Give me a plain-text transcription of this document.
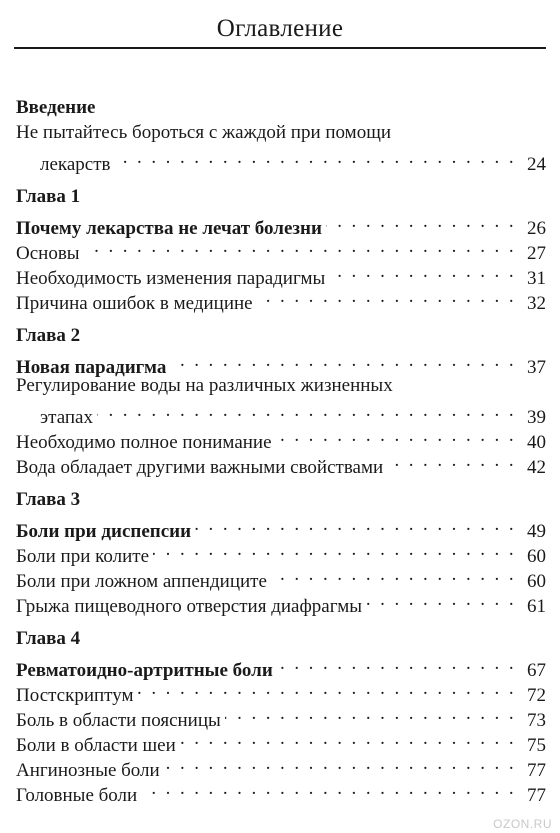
Оглавление
Введение
Не пытайтесь бороться с жаждой при помощи
лекарств . . .	24
Глава 1
Почему лекарства не лечат болезни . . .	26
Основы . . .	27
Необходимость изменения парадигмы . . .	31
Причина ошибок в медицине . . .	32
Глава 2
Новая парадигма . . .	37
Регулирование воды на различных жизненных
этапах . . .	39
Необходимо полное понимание . . .	40
Вода обладает другими важными свойствами . . .	42
Глава 3
Боли при диспепсии . . .	49
Боли при колите . . .	60
Боли при ложном аппендиците . . .	60
Грыжа пищеводного отверстия диафрагмы . . .	61
Глава 4
Ревматоидно-артритные боли . . .	67
Постскриптум . . .	72
Боль в области поясницы . . .	73
Боли в области шеи . . .	75
Ангинозные боли . . .	77
Головные боли . . .	77
OZON.RU
